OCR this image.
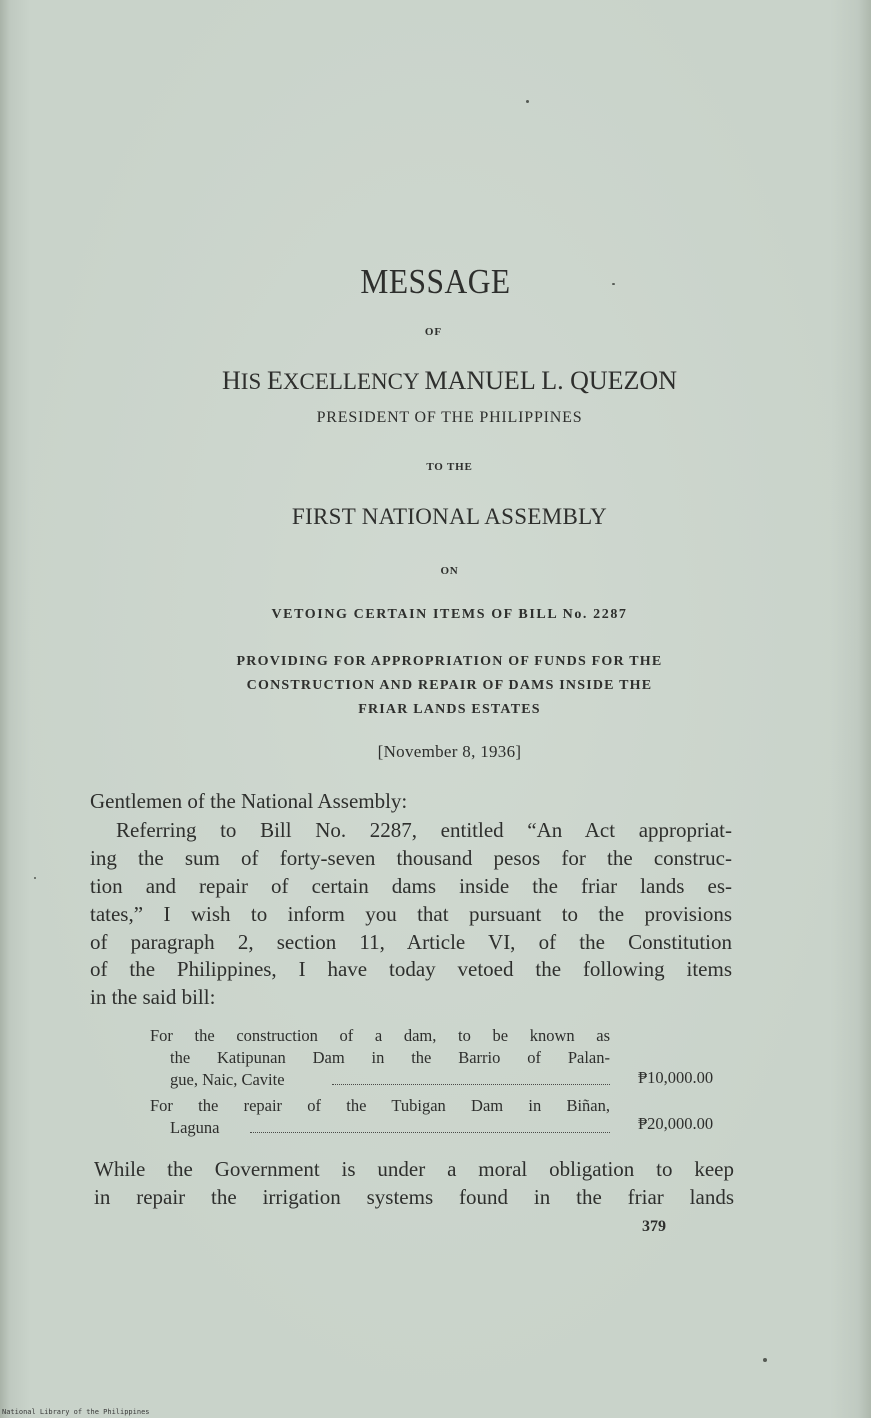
MESSAGE
OF
HIS EXCELLENCY MANUEL L. QUEZON
PRESIDENT OF THE PHILIPPINES
TO THE
FIRST NATIONAL ASSEMBLY
ON
VETOING CERTAIN ITEMS OF BILL No. 2287
PROVIDING FOR APPROPRIATION OF FUNDS FOR THE
CONSTRUCTION AND REPAIR OF DAMS INSIDE THE
FRIAR LANDS ESTATES
[November 8, 1936]
Gentlemen of the National Assembly:
Referring to Bill No. 2287, entitled “An Act appropriat-
ing the sum of forty-seven thousand pesos for the construc-
tion and repair of certain dams inside the friar lands es-
tates,” I wish to inform you that pursuant to the provisions
of paragraph 2, section 11, Article VI, of the Constitution
of the Philippines, I have today vetoed the following items
in the said bill:
For the construction of a dam, to be known as
the Katipunan Dam in the Barrio of Palan-
gue, Naic, Cavite	₱10,000.00
For the repair of the Tubigan Dam in Biñan,
Laguna	₱20,000.00
While the Government is under a moral obligation to keep
in repair the irrigation systems found in the friar lands
379
National Library of the Philippines
